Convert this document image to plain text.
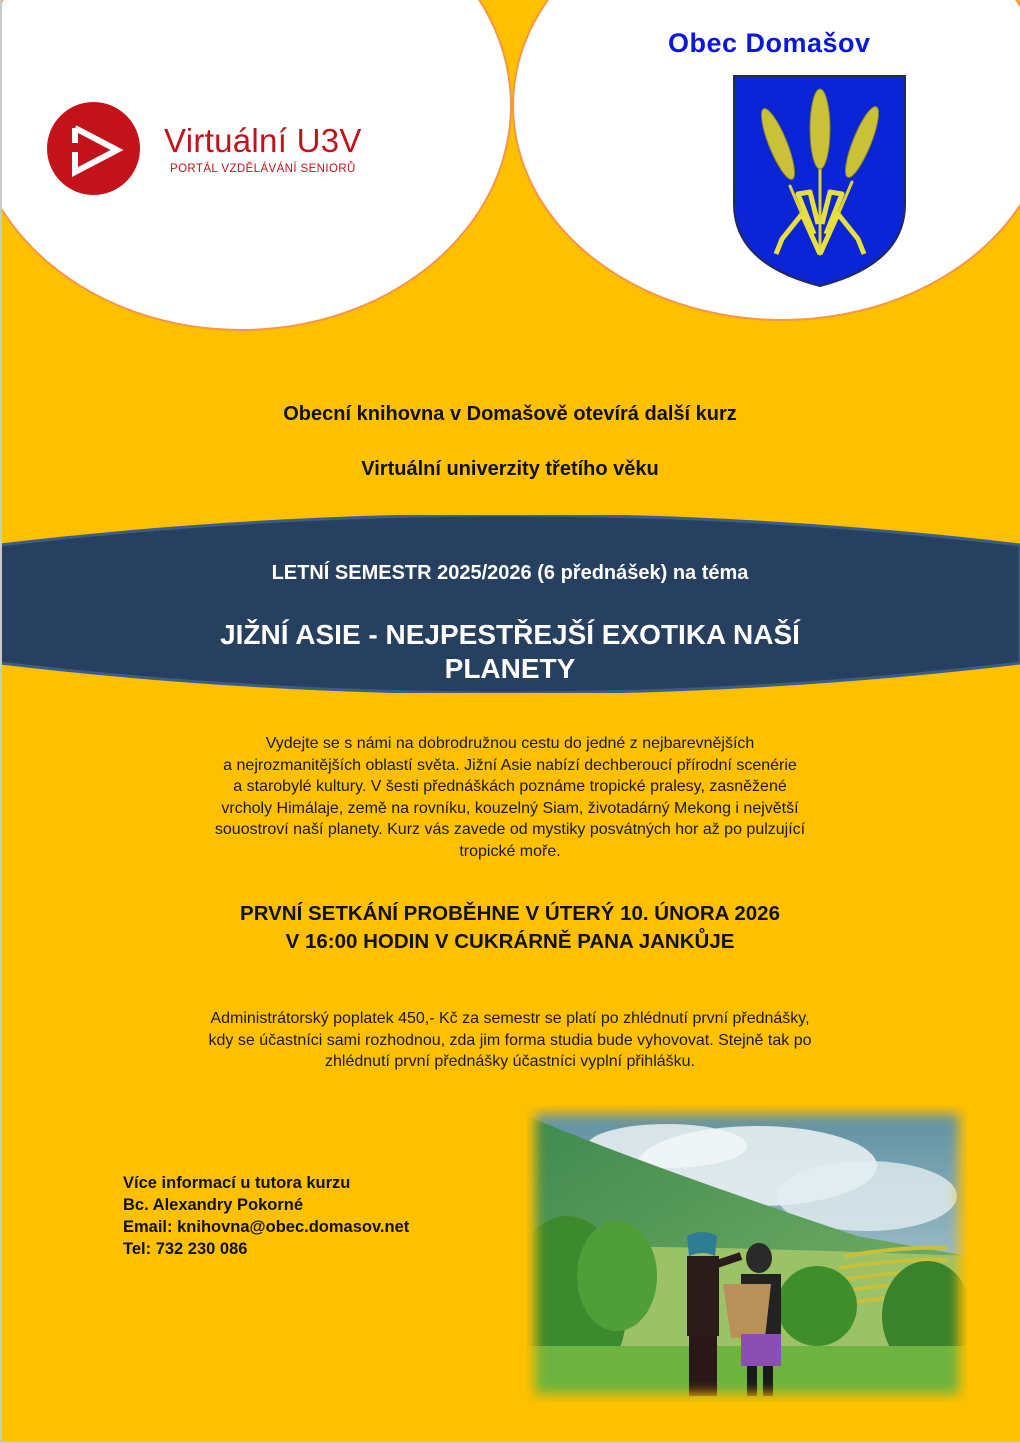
Virtuální U3V
PORTÁL VZDĚLÁVÁNÍ SENIORŮ
Obec Domašov
Obecní knihovna v Domašově otevírá další kurz
Virtuální univerzity třetího věku
LETNÍ SEMESTR 2025/2026 (6 přednášek) na téma
JIŽNÍ ASIE - NEJPESTŘEJŠÍ EXOTIKA NAŠÍ
PLANETY
Vydejte se s námi na dobrodružnou cestu do jedné z nejbarevnějších
a nejrozmanitějších oblastí světa. Jižní Asie nabízí dechberoucí přírodní scenérie
a starobylé kultury. V šesti přednáškách poznáme tropické pralesy, zasněžené
vrcholy Himálaje, země na rovníku, kouzelný Siam, životadárný Mekong i největší
souostroví naší planety. Kurz vás zavede od mystiky posvátných hor až po pulzující
tropické moře.
PRVNÍ SETKÁNÍ PROBĚHNE V ÚTERÝ 10. ÚNORA 2026
V 16:00 HODIN V CUKRÁRNĚ PANA JANKŮJE
Administrátorský poplatek 450,- Kč za semestr se platí po zhlédnutí první přednášky,
kdy se účastníci sami rozhodnou, zda jim forma studia bude vyhovovat. Stejně tak po
zhlédnutí první přednášky účastníci vyplní přihlášku.
Více informací u tutora kurzu
Bc. Alexandry Pokorné
Email: knihovna@obec.domasov.net
Tel: 732 230 086
